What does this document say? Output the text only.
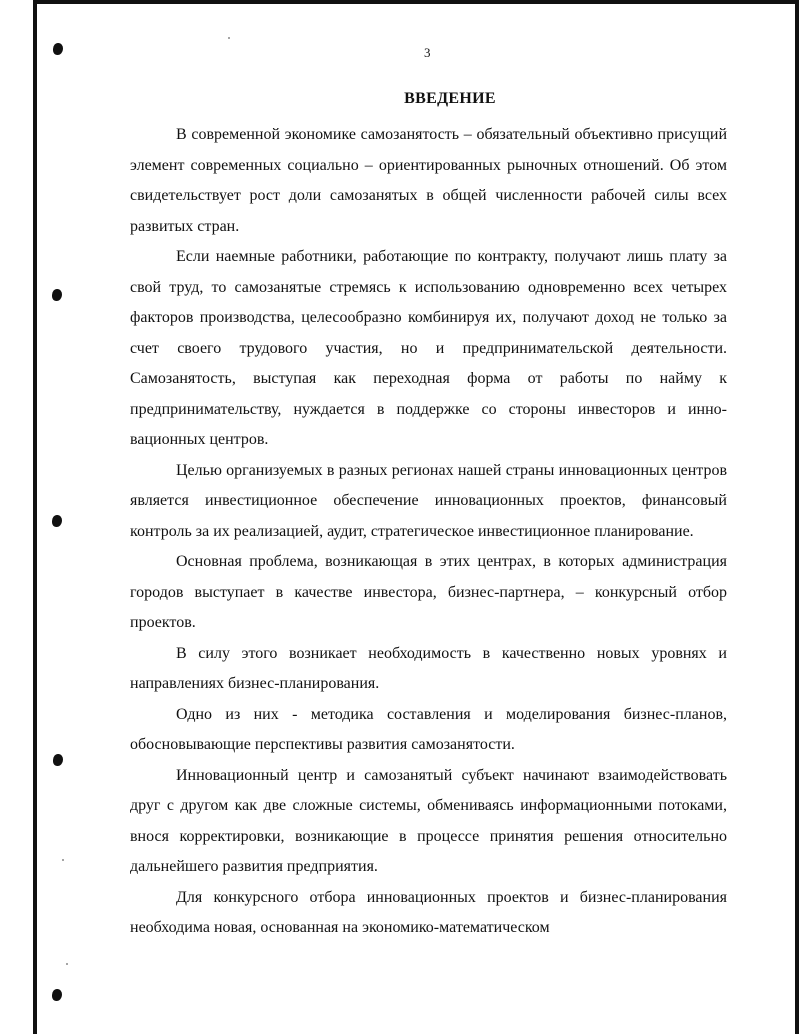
3
ВВЕДЕНИЕ

В современной экономике самозанятость – обязательный объективно присущий элемент современных социально – ориентированных рыночных отношений. Об этом свидетельствует рост доли самозанятых в общей численности рабочей силы всех развитых стран.

Если наемные работники, работающие по контракту, получают лишь плату за свой труд, то самозанятые стремясь к использованию одновременно всех четырех факторов производства, целесообразно комбинируя их, получают доход не только за счет своего трудового участия, но и предпринимательской деятельности. Самозанятость, выступая как переходная форма от работы по найму к предпринимательству, нуждается в поддержке со стороны инвесторов и инновационных центров.

Целью организуемых в разных регионах нашей страны инновационных центров является инвестиционное обеспечение инновационных проектов, финансовый контроль за их реализацией, аудит, стратегическое инвестиционное планирование.

Основная проблема, возникающая в этих центрах, в которых администрация городов выступает в качестве инвестора, бизнес-партнера, – конкурсный отбор проектов.

В силу этого возникает необходимость в качественно новых уровнях и направлениях бизнес-планирования.

Одно из них - методика составления и моделирования бизнес-планов, обосновывающие перспективы развития самозанятости.

Инновационный центр и самозанятый субъект начинают взаимодействовать друг с другом как две сложные системы, обмениваясь информационными потоками, внося корректировки, возникающие в процессе принятия решения относительно дальнейшего развития предприятия.

Для конкурсного отбора инновационных проектов и бизнес-планирования необходима новая, основанная на экономико-математическом
